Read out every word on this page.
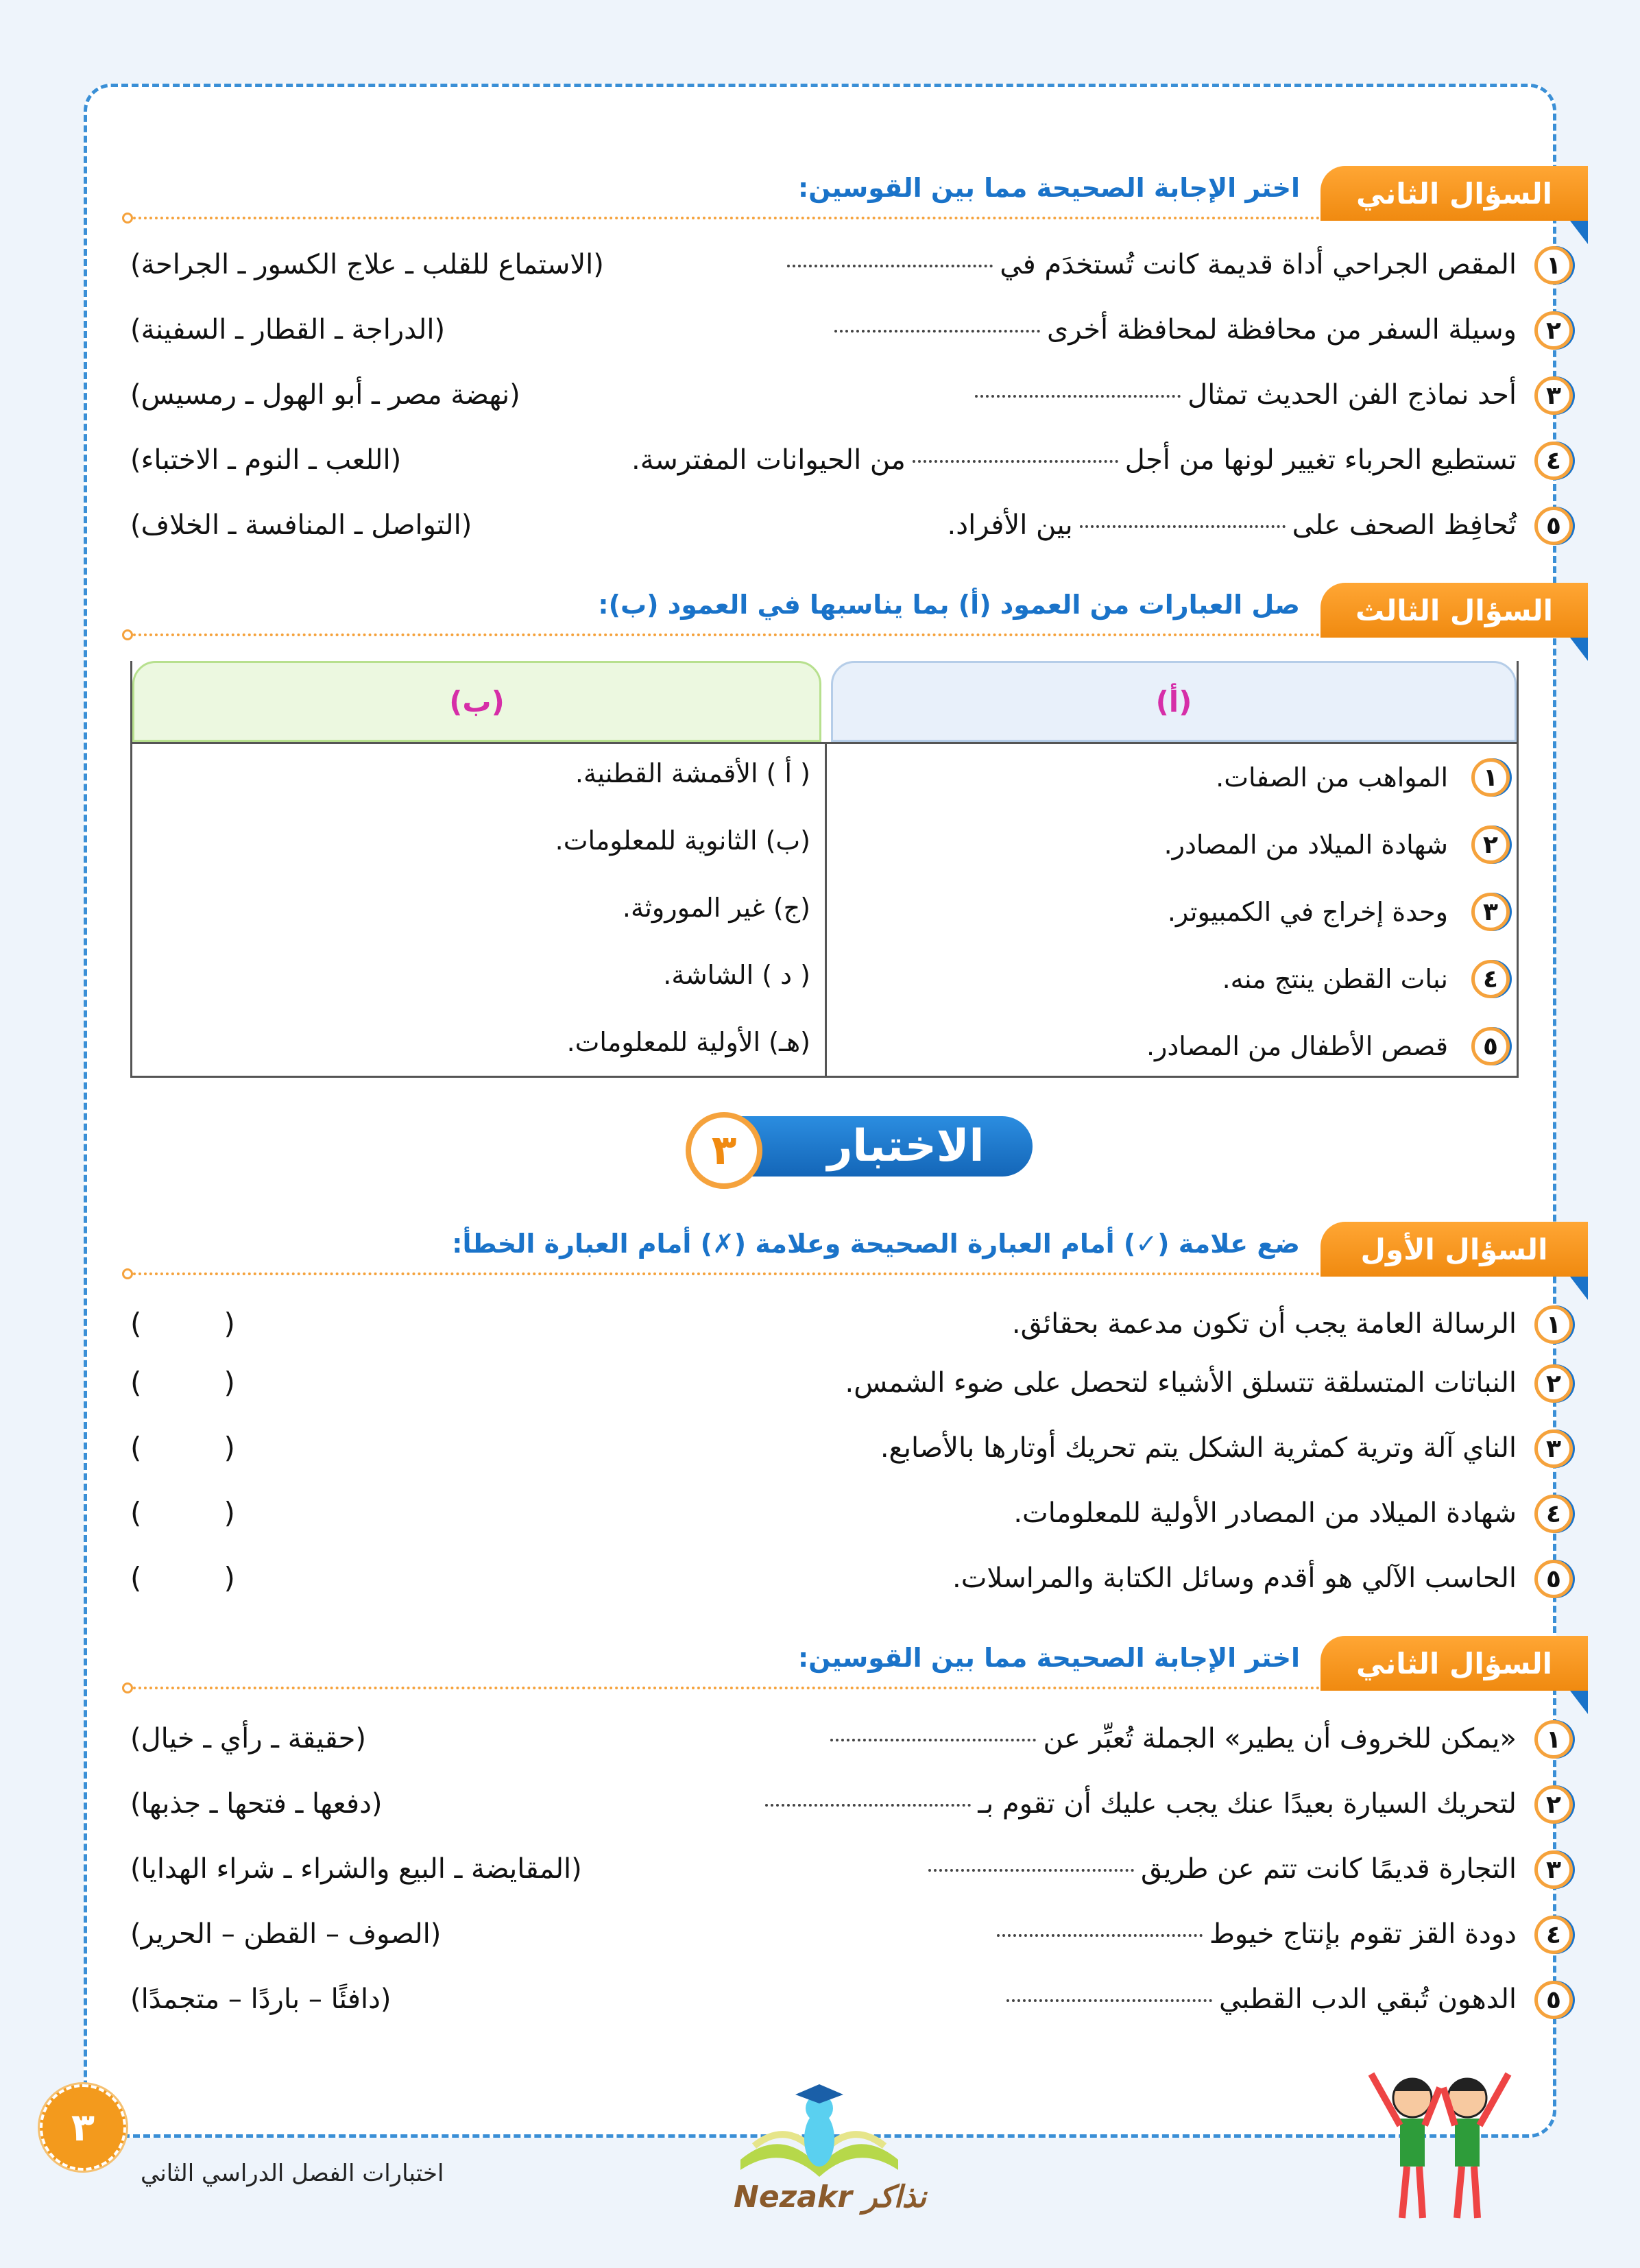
السؤال الثاني
اختر الإجابة الصحيحة مما بين القوسين:
١
المقص الجراحي أداة قديمة كانت تُستخدَم في
(الاستماع للقلب ـ علاج الكسور ـ الجراحة)
٢
وسيلة السفر من محافظة لمحافظة أخرى
(الدراجة ـ القطار ـ السفينة)
٣
أحد نماذج الفن الحديث تمثال
(نهضة مصر ـ أبو الهول ـ رمسيس)
٤
تستطيع الحرباء تغيير لونها من أجلمن الحيوانات المفترسة.
(اللعب ـ النوم ـ الاختباء)
٥
تُحافِظ الصحف علىبين الأفراد.
(التواصل ـ المنافسة ـ الخلاف)
السؤال الثالث
صل العبارات من العمود (أ) بما يناسبها في العمود (ب):
(أ)
(ب)
١
المواهب من الصفات.
٢
شهادة الميلاد من المصادر.
٣
وحدة إخراج في الكمبيوتر.
٤
نبات القطن ينتج منه.
٥
قصص الأطفال من المصادر.
( أ ) الأقمشة القطنية.
(ب) الثانوية للمعلومات.
(ج) غير الموروثة.
( د ) الشاشة.
(هـ) الأولية للمعلومات.
الاختبار
٣
السؤال الأول
ضع علامة (✓) أمام العبارة الصحيحة وعلامة (✗) أمام العبارة الخطأ:
١
الرسالة العامة يجب أن تكون مدعمة بحقائق.
(         )
٢
النباتات المتسلقة تتسلق الأشياء لتحصل على ضوء الشمس.
(         )
٣
الناي آلة وترية كمثرية الشكل يتم تحريك أوتارها بالأصابع.
(         )
٤
شهادة الميلاد من المصادر الأولية للمعلومات.
(         )
٥
الحاسب الآلي هو أقدم وسائل الكتابة والمراسلات.
(         )
السؤال الثاني
اختر الإجابة الصحيحة مما بين القوسين:
١
«يمكن للخروف أن يطير» الجملة تُعبِّر عن
(حقيقة ـ رأي ـ خيال)
٢
لتحريك السيارة بعيدًا عنك يجب عليك أن تقوم بـ
(دفعها ـ فتحها ـ جذبها)
٣
التجارة قديمًا كانت تتم عن طريق
(المقايضة ـ البيع والشراء ـ شراء الهدايا)
٤
دودة القز تقوم بإنتاج خيوط
(الصوف – القطن – الحرير)
٥
الدهون تُبقي الدب القطبي
(دافئًا – باردًا – متجمدًا)
٣
اختبارات الفصل الدراسي الثاني
Nezakr نذاكر
